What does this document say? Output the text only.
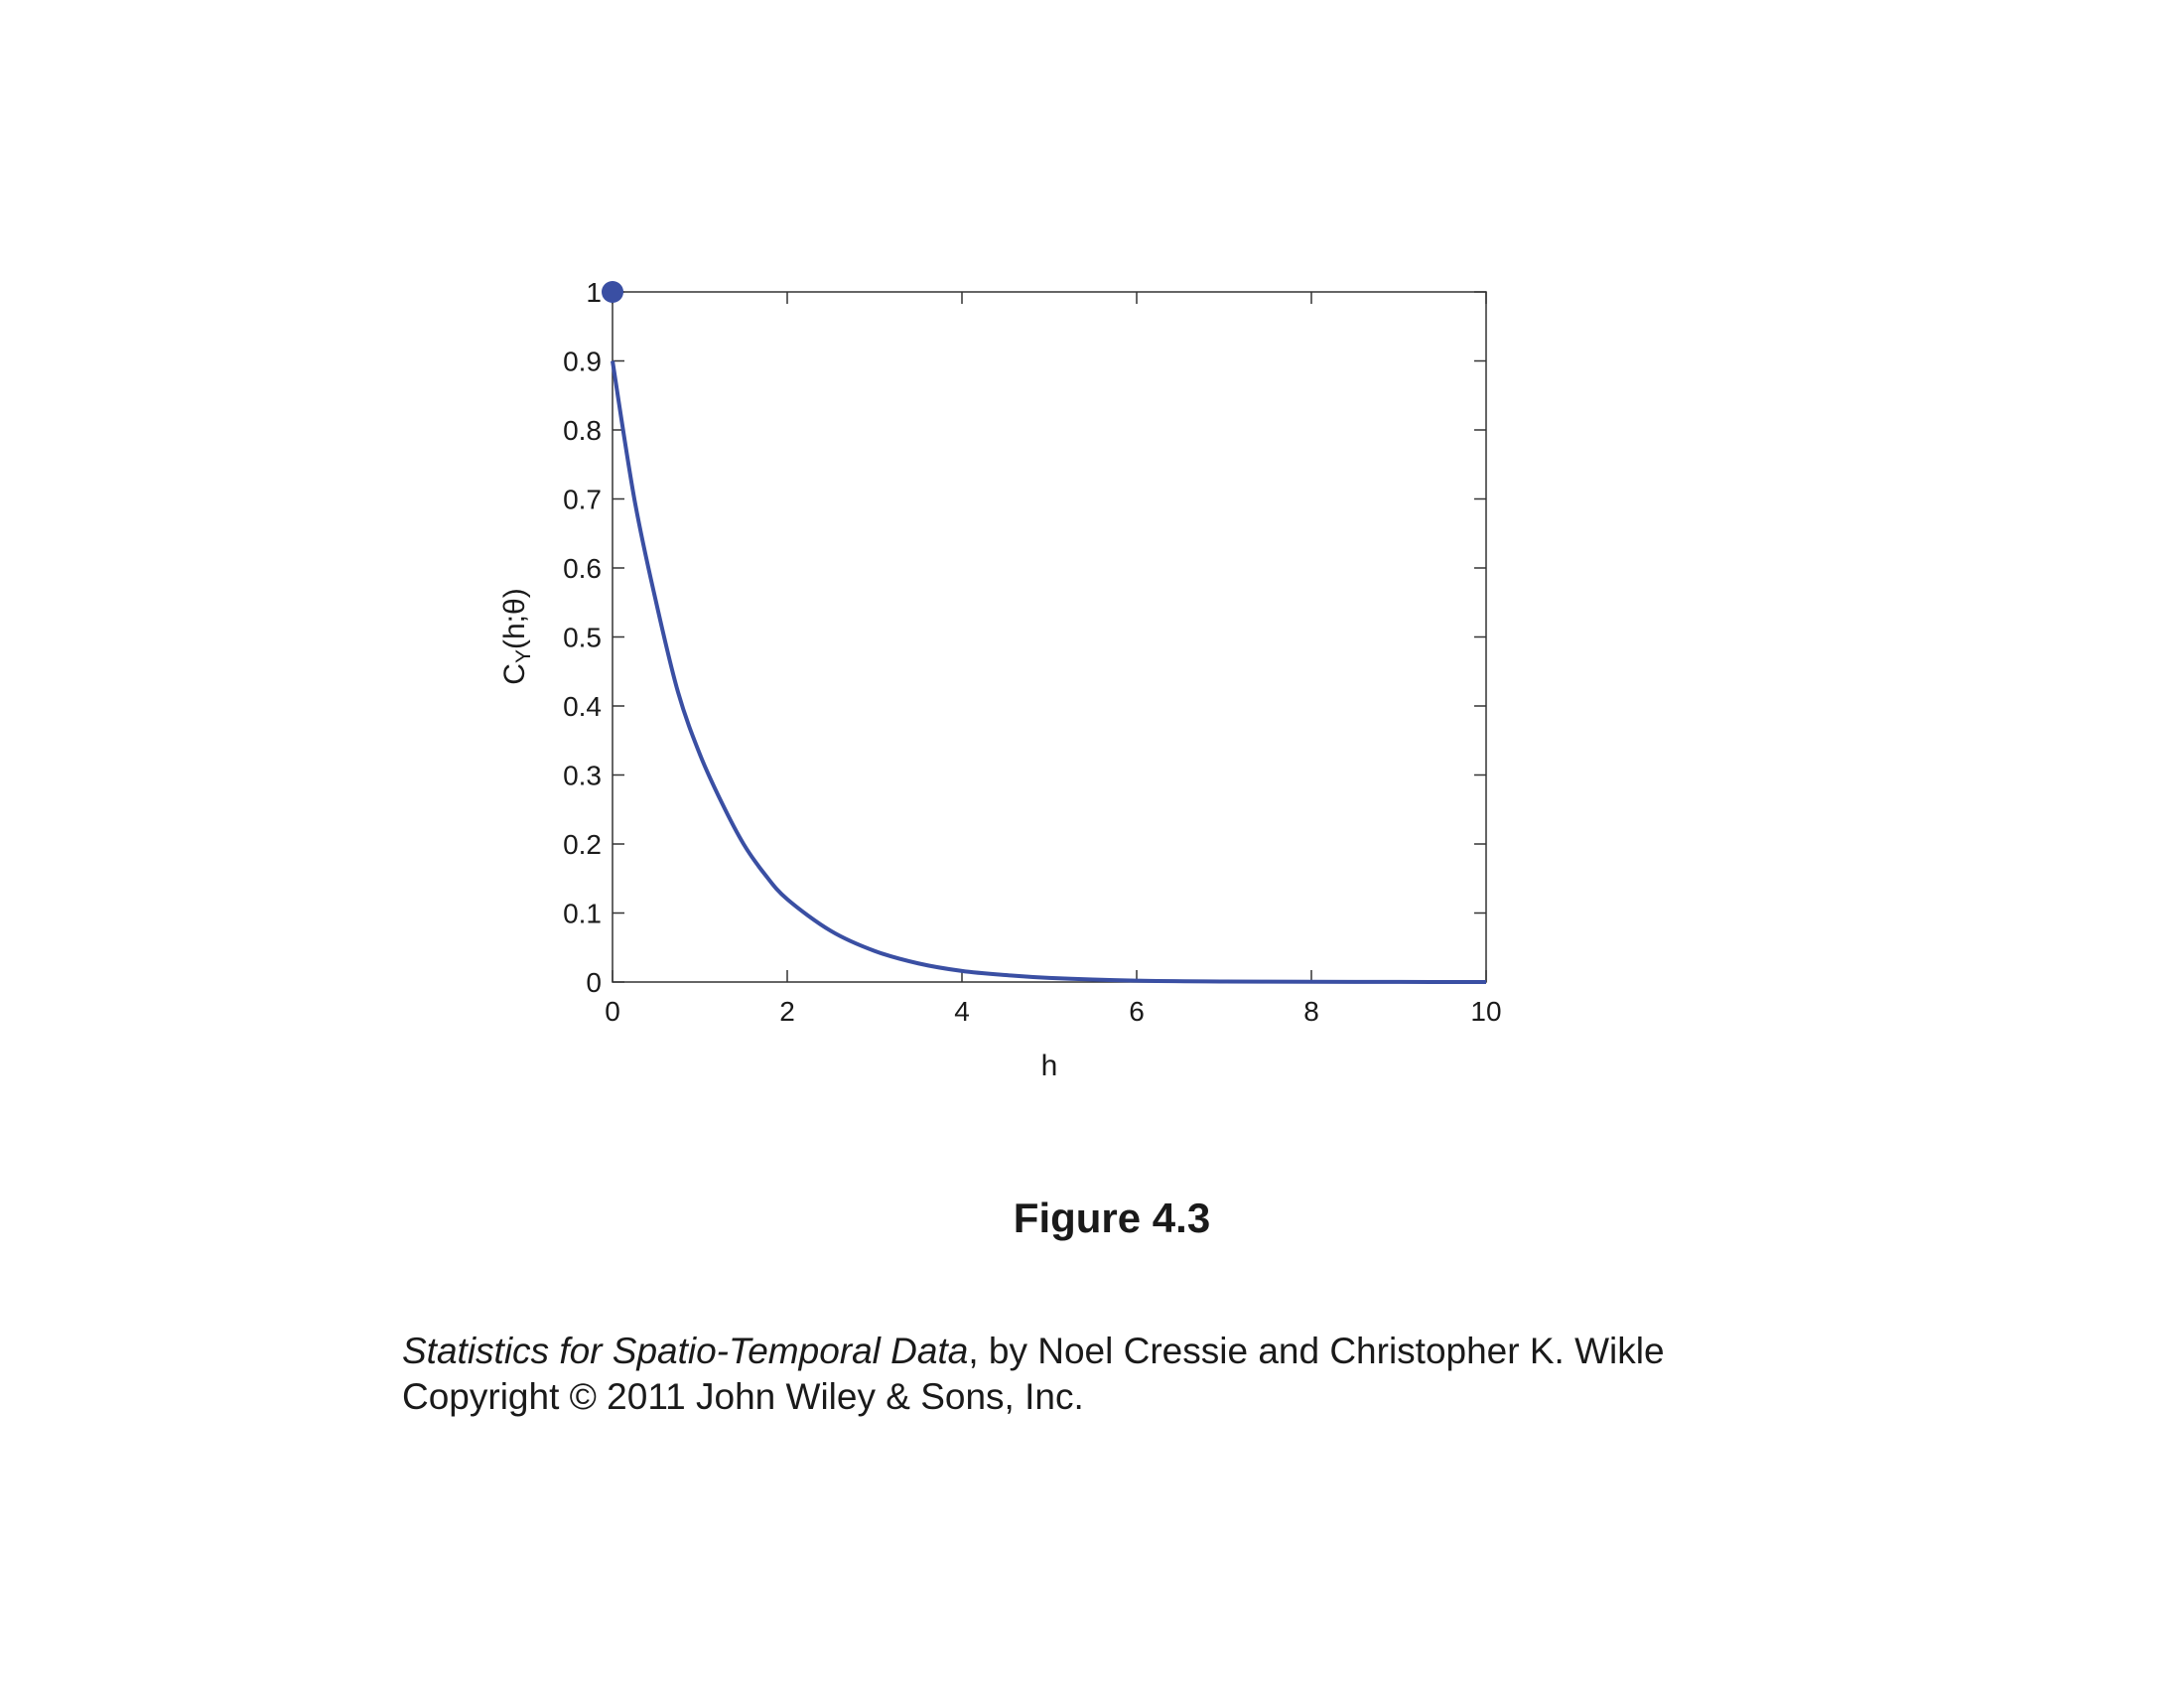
0	2	4	6	8	10
0
0.1
0.2
0.3
0.4
0.5
0.6
0.7
0.8
0.9
1
h
$C_Y(h;\theta)$
Figure 4.3
Statistics for Spatio-Temporal Data, by Noel Cressie and Christopher K. Wikle
Copyright © 2011 John Wiley & Sons, Inc.
